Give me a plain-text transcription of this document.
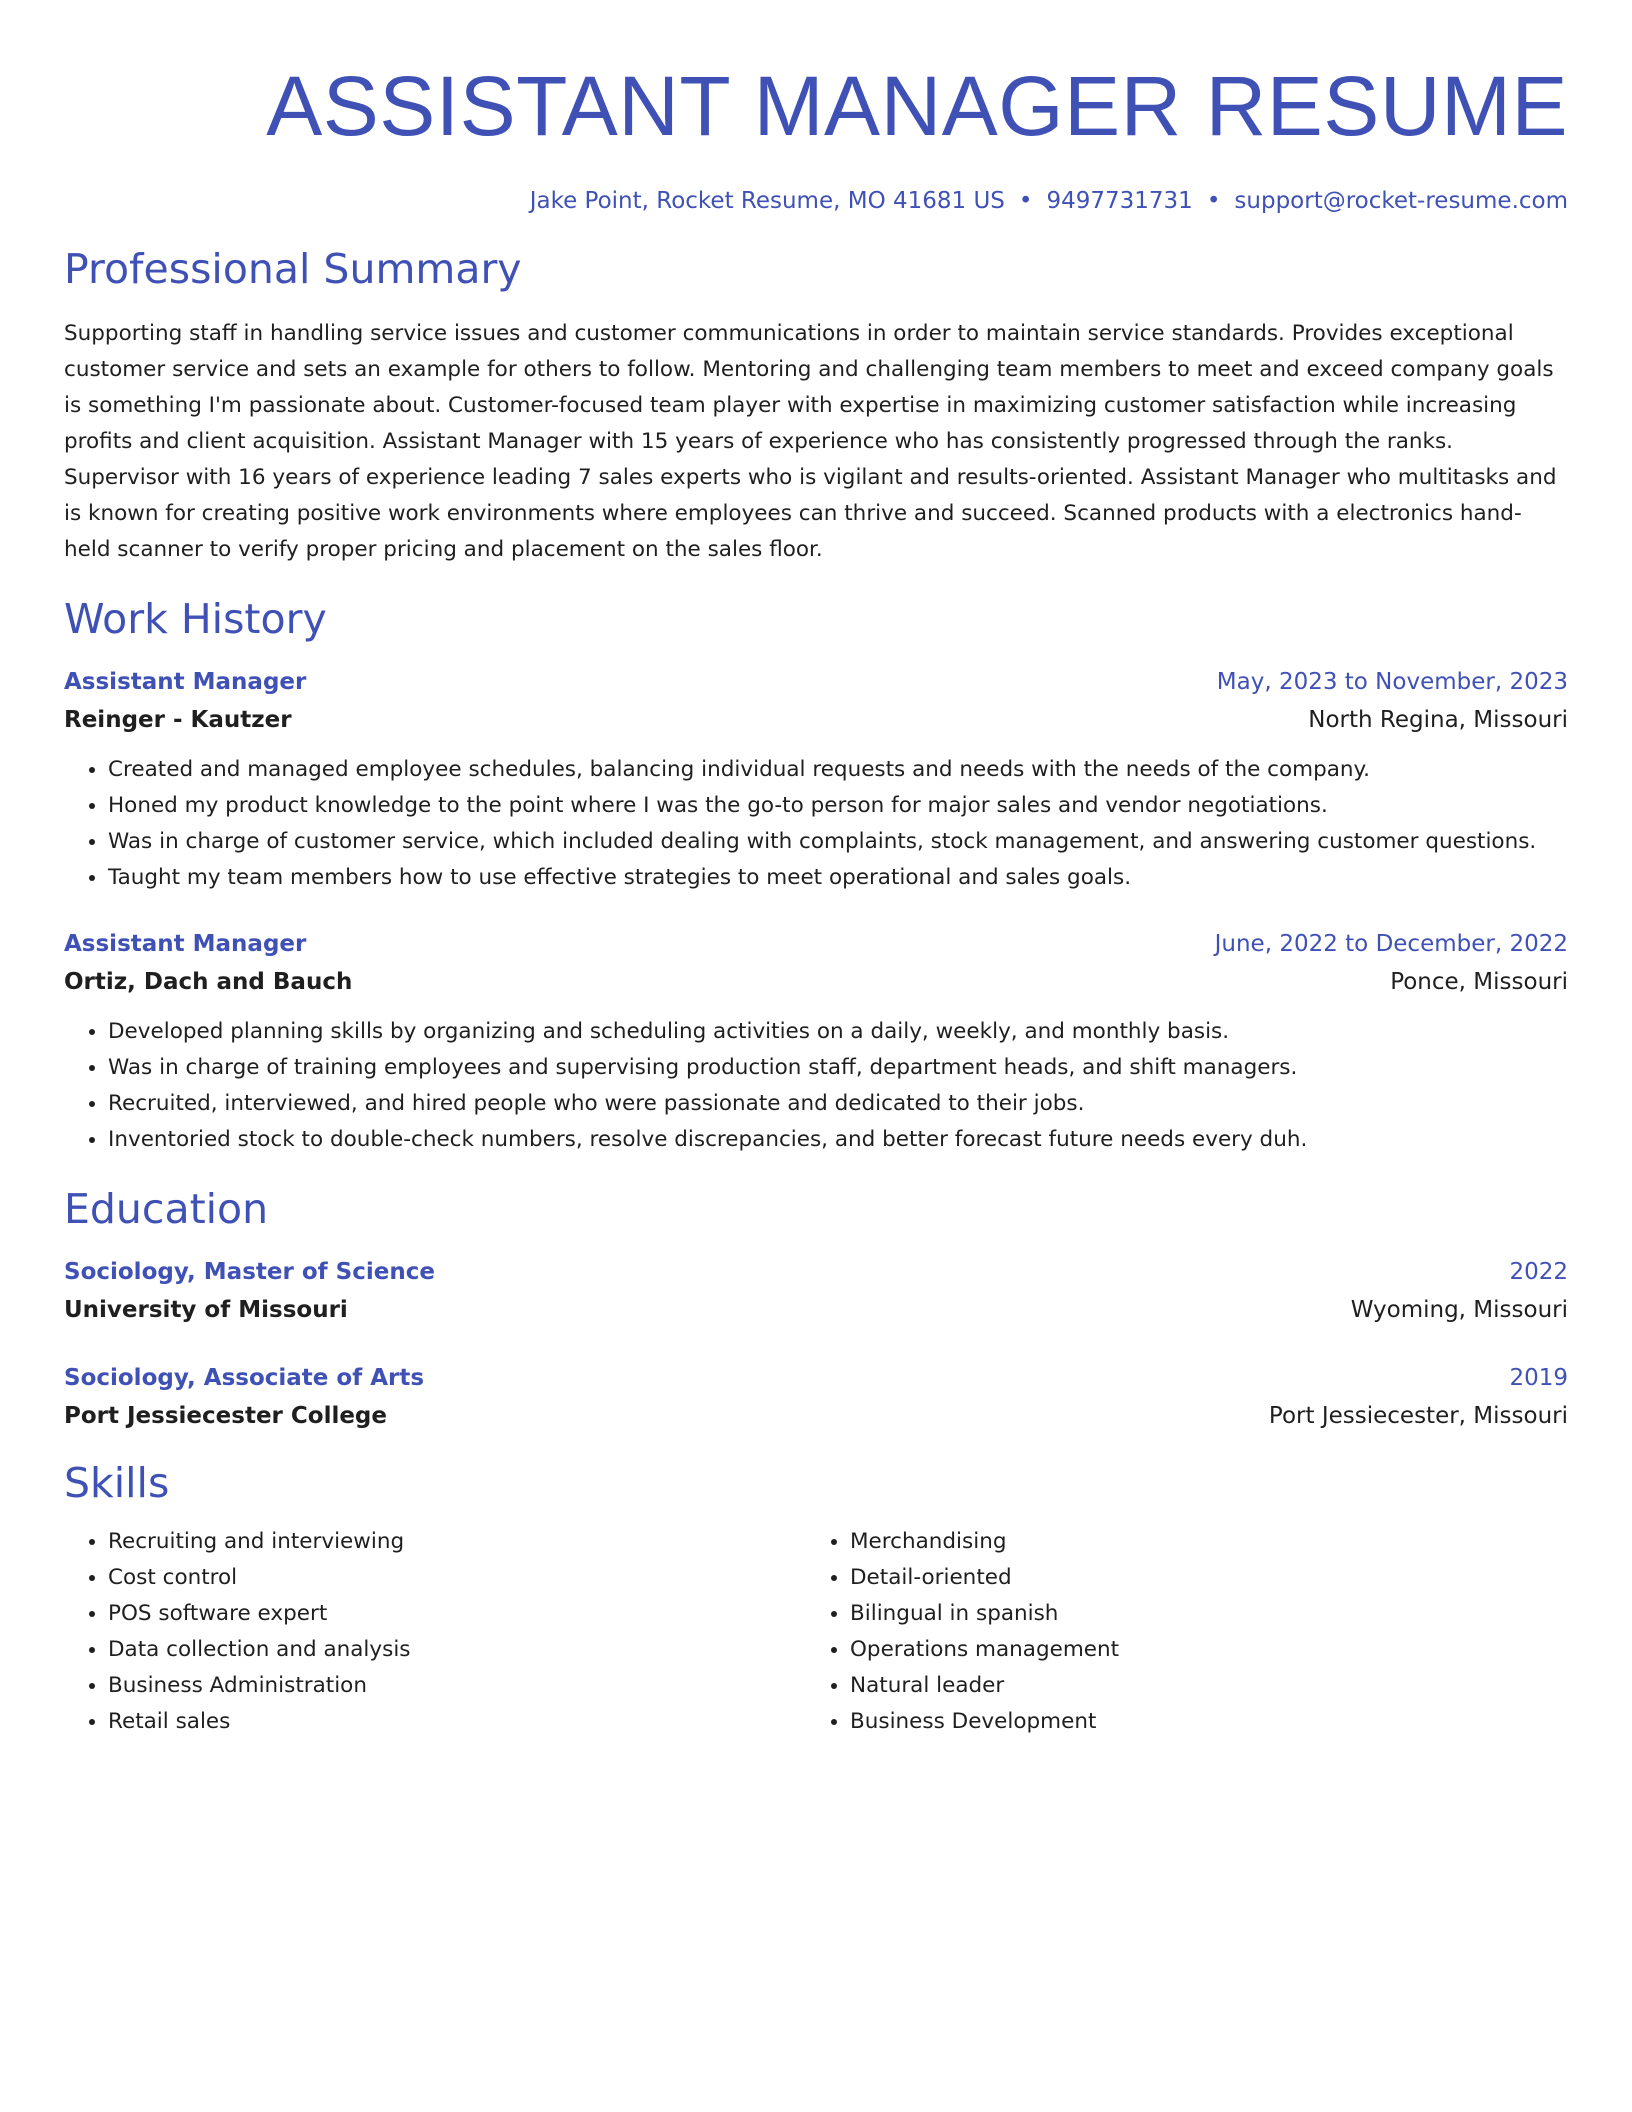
ASSISTANT MANAGER RESUME
Jake Point, Rocket Resume, MO 41681 US • 9497731731 • support@rocket-resume.com
Professional Summary

Supporting staff in handling service issues and customer communications in order to maintain service standards. Provides exceptional customer service and sets an example for others to follow. Mentoring and challenging team members to meet and exceed company goals is something I'm passionate about. Customer-focused team player with expertise in maximizing customer satisfaction while increasing profits and client acquisition. Assistant Manager with 15 years of experience who has consistently progressed through the ranks. Supervisor with 16 years of experience leading 7 sales experts who is vigilant and results-oriented. Assistant Manager who multitasks and is known for creating positive work environments where employees can thrive and succeed. Scanned products with a electronics hand-held scanner to verify proper pricing and placement on the sales floor.

Work History
Assistant Manager	May, 2023 to November, 2023
Reinger - Kautzer	North Regina, Missouri
• Created and managed employee schedules, balancing individual requests and needs with the needs of the company.
• Honed my product knowledge to the point where I was the go-to person for major sales and vendor negotiations.
• Was in charge of customer service, which included dealing with complaints, stock management, and answering customer questions.
• Taught my team members how to use effective strategies to meet operational and sales goals.
Assistant Manager	June, 2022 to December, 2022
Ortiz, Dach and Bauch	Ponce, Missouri
• Developed planning skills by organizing and scheduling activities on a daily, weekly, and monthly basis.
• Was in charge of training employees and supervising production staff, department heads, and shift managers.
• Recruited, interviewed, and hired people who were passionate and dedicated to their jobs.
• Inventoried stock to double-check numbers, resolve discrepancies, and better forecast future needs every duh.
Education
Sociology, Master of Science	2022
University of Missouri	Wyoming, Missouri
Sociology, Associate of Arts	2019
Port Jessiecester College	Port Jessiecester, Missouri
Skills
• Recruiting and interviewing
• Cost control
• POS software expert
• Data collection and analysis
• Business Administration
• Retail sales
• Merchandising
• Detail-oriented
• Bilingual in spanish
• Operations management
• Natural leader
• Business Development
